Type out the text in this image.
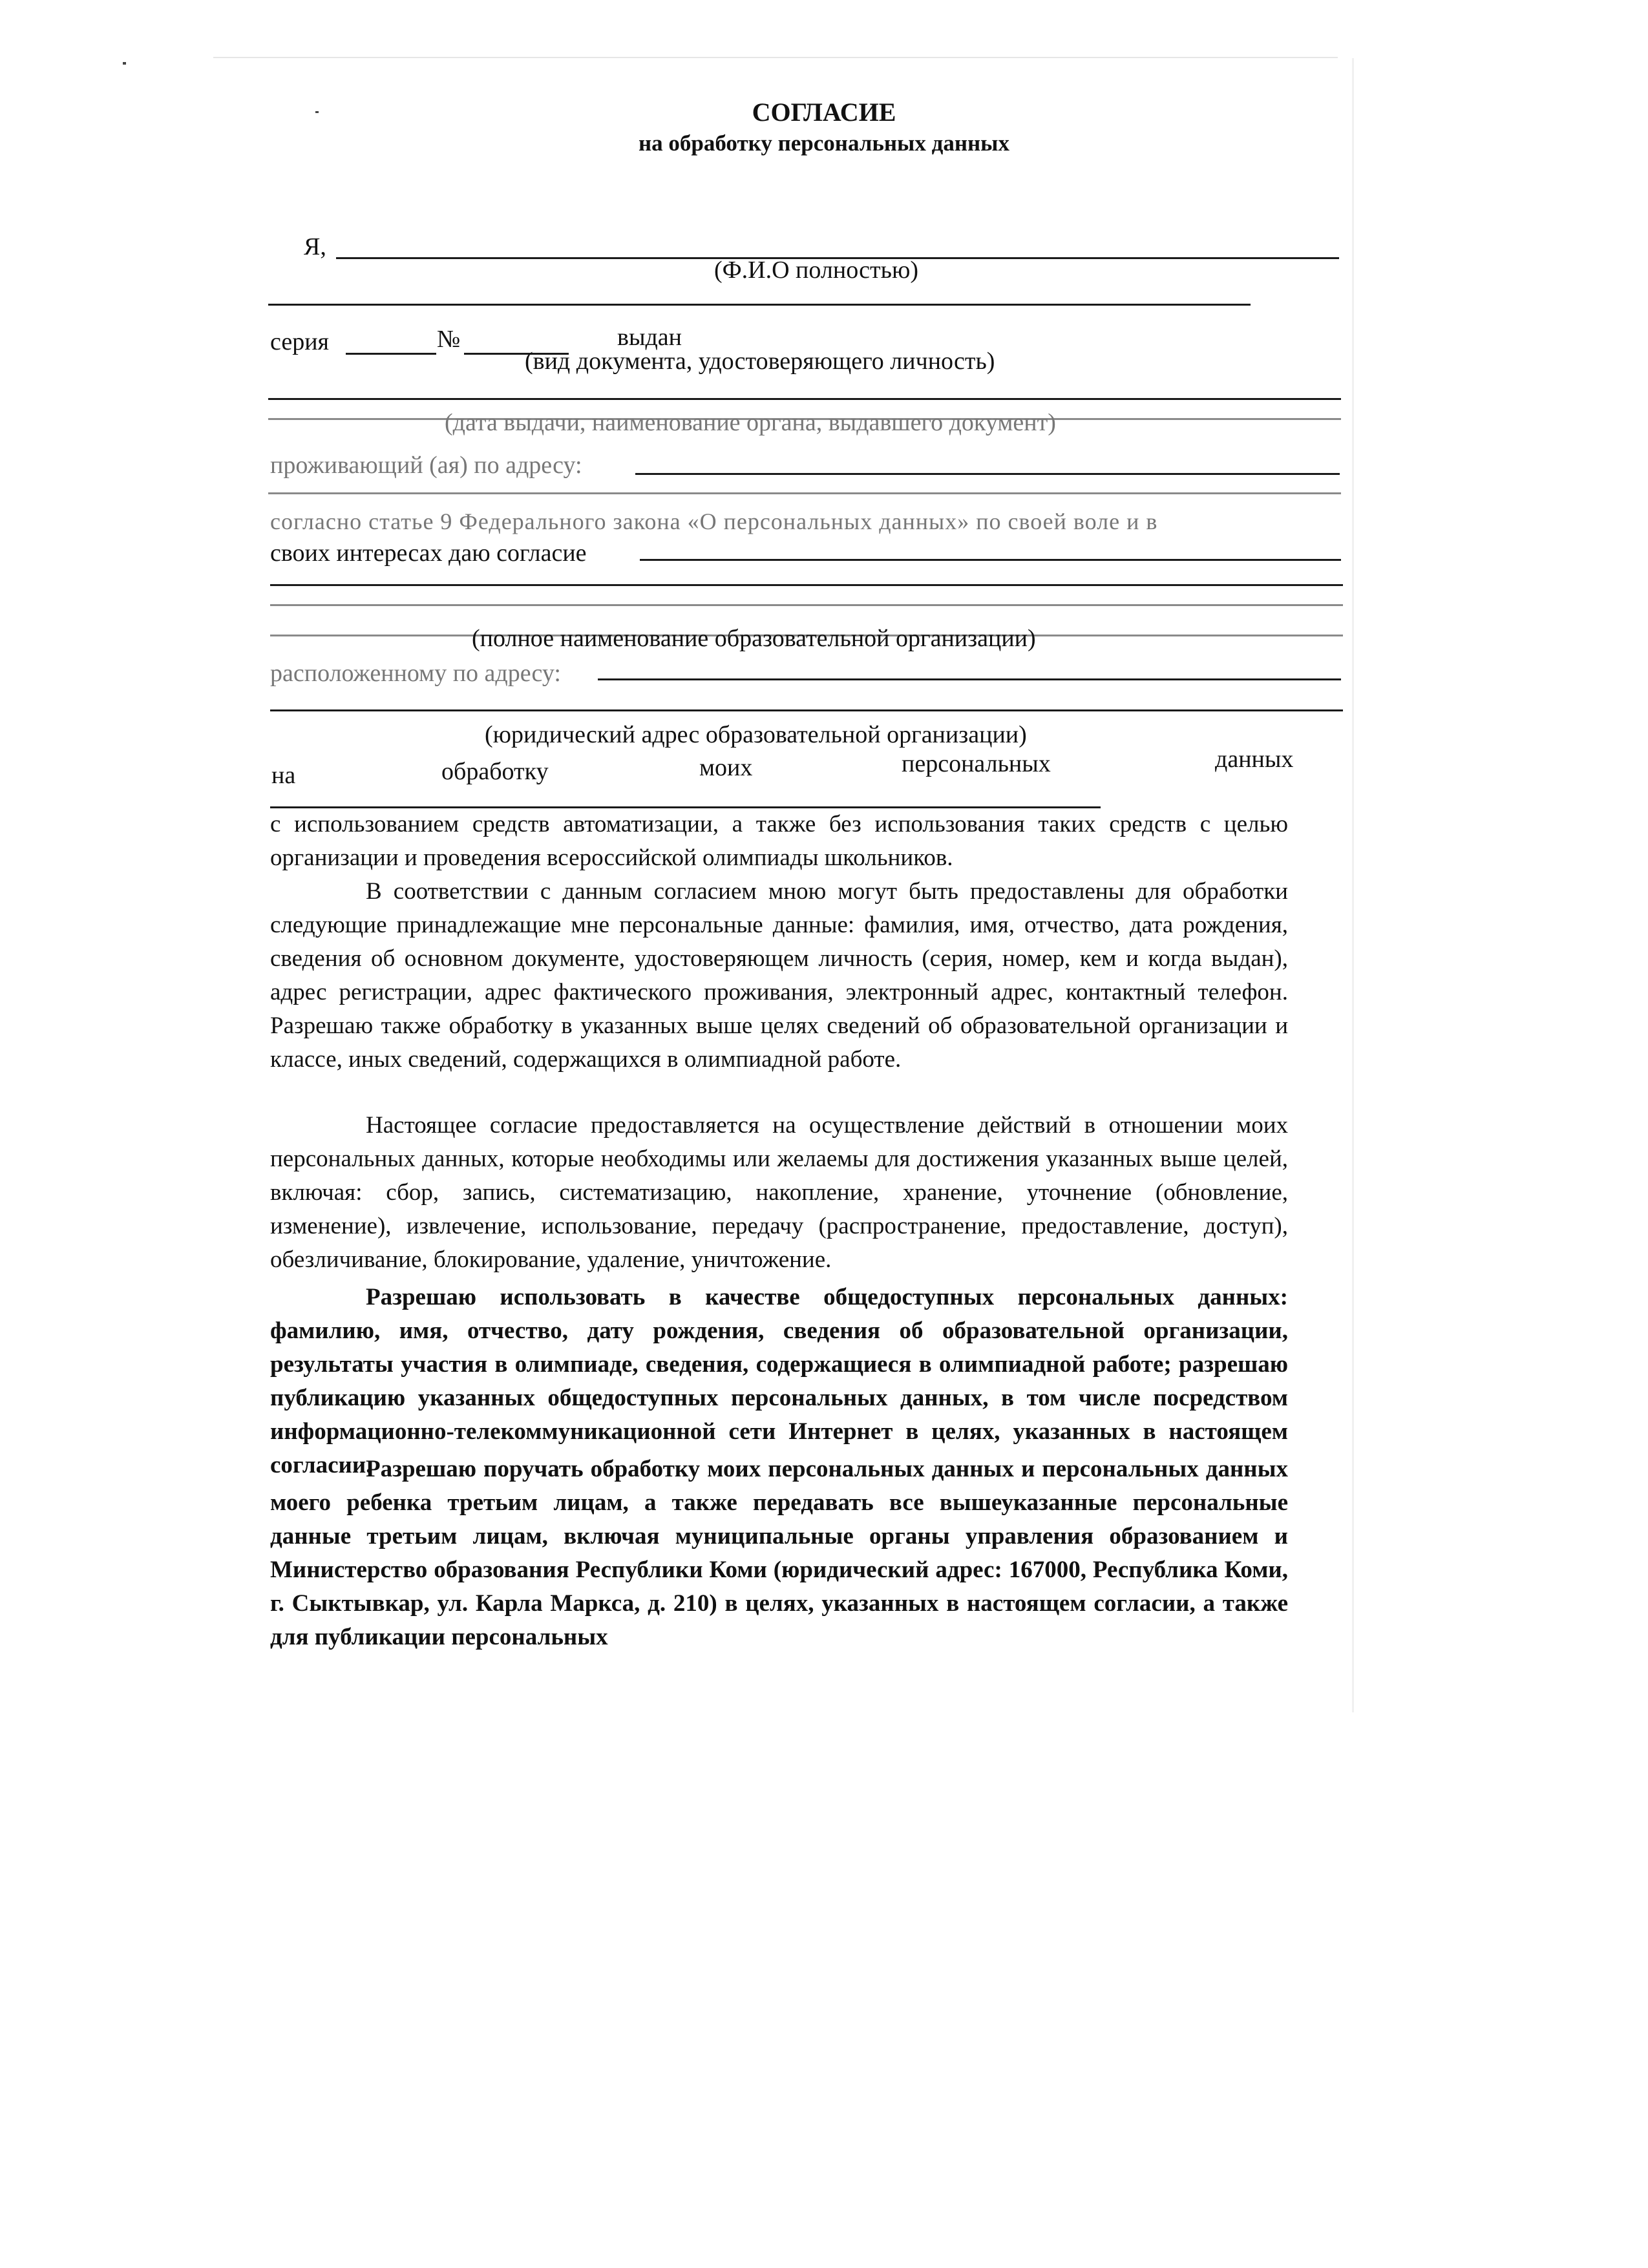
СОГЛАСИЕ
на обработку персональных данных
Я,
(Ф.И.О полностью)
серия	№	выдан
(вид документа, удостоверяющего личность)
(дата выдачи, наименование органа, выдавшего документ)
проживающий (ая) по адресу:
согласно статье 9 Федерального закона «О персональных данных» по своей воле и в
своих интересах даю согласие
(полное наименование образовательной организации)
расположенному по адресу:
(юридический адрес образовательной организации)
на	обработку	моих	персональных	данных
с использованием средств автоматизации, а также без использования таких средств с целью организации и проведения всероссийской олимпиады школьников.
В соответствии с данным согласием мною могут быть предоставлены для обработки следующие принадлежащие мне персональные данные: фамилия, имя, отчество, дата рождения, сведения об основном документе, удостоверяющем личность (серия, номер, кем и когда выдан), адрес регистрации, адрес фактического проживания, электронный адрес, контактный телефон. Разрешаю также обработку в указанных выше целях сведений об образовательной организации и классе, иных сведений, содержащихся в олимпиадной работе.
Настоящее согласие предоставляется на осуществление действий в отношении моих персональных данных, которые необходимы или желаемы для достижения указанных выше целей, включая: сбор, запись, систематизацию, накопление, хранение, уточнение (обновление, изменение), извлечение, использование, передачу (распространение, предоставление, доступ), обезличивание, блокирование, удаление, уничтожение.
Разрешаю использовать в качестве общедоступных персональных данных: фамилию, имя, отчество, дату рождения, сведения об образовательной организации, результаты участия в олимпиаде, сведения, содержащиеся в олимпиадной работе; разрешаю публикацию указанных общедоступных персональных данных, в том числе посредством информационно-телекоммуникационной сети Интернет в целях, указанных в настоящем согласии.
Разрешаю поручать обработку моих персональных данных и персональных данных моего ребенка третьим лицам, а также передавать все вышеуказанные персональные данные третьим лицам, включая муниципальные органы управления образованием и Министерство образования Республики Коми (юридический адрес: 167000, Республика Коми, г. Сыктывкар, ул. Карла Маркса, д. 210) в целях, указанных в настоящем согласии, а также для публикации персональных
